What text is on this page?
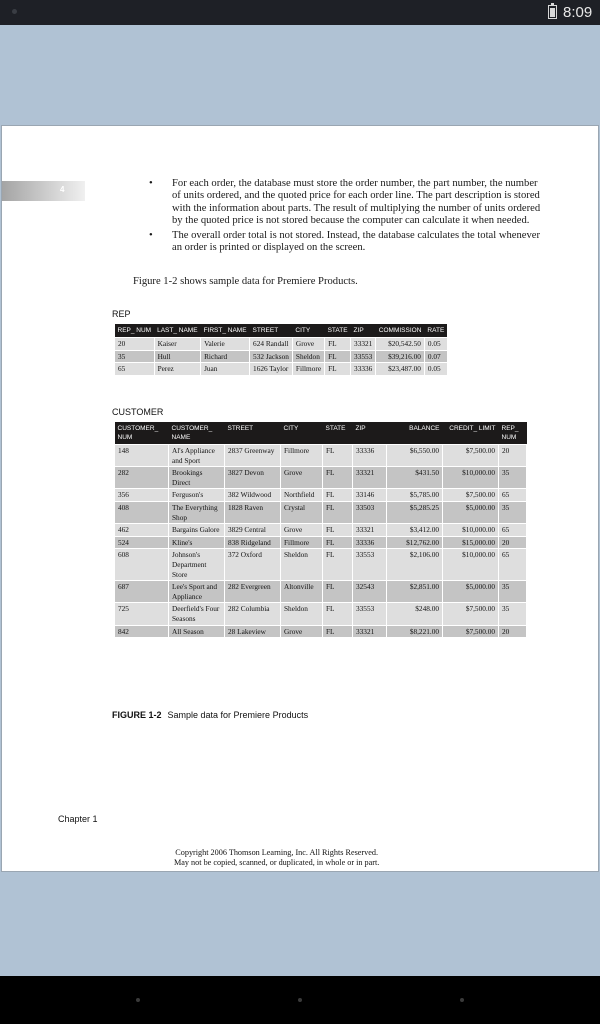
8:09
4
• For each order, the database must store the order number, the part number, the number of units ordered, and the quoted price for each order line. The part description is stored with the information about parts. The result of multiplying the number of units ordered by the quoted price is not stored because the computer can calculate it when needed.
• The overall order total is not stored. Instead, the database calculates the total whenever an order is printed or displayed on the screen.
Figure 1-2 shows sample data for Premiere Products.
REP
REP_ NUM	LAST_ NAME	FIRST_ NAME	STREET	CITY	STATE	ZIP	COMMISSION	RATE
20	Kaiser	Valerie	624 Randall	Grove	FL	33321	$20,542.50	0.05
35	Hull	Richard	532 Jackson	Sheldon	FL	33553	$39,216.00	0.07
65	Perez	Juan	1626 Taylor	Fillmore	FL	33336	$23,487.00	0.05
CUSTOMER
CUSTOMER_ NUM	CUSTOMER_ NAME	STREET	CITY	STATE	ZIP	BALANCE	CREDIT_ LIMIT	REP_ NUM
148	Al's Appliance and Sport	2837 Greenway	Fillmore	FL	33336	$6,550.00	$7,500.00	20
282	Brookings Direct	3827 Devon	Grove	FL	33321	$431.50	$10,000.00	35
356	Ferguson's	382 Wildwood	Northfield	FL	33146	$5,785.00	$7,500.00	65
408	The Everything Shop	1828 Raven	Crystal	FL	33503	$5,285.25	$5,000.00	35
462	Bargains Galore	3829 Central	Grove	FL	33321	$3,412.00	$10,000.00	65
524	Kline's	838 Ridgeland	Fillmore	FL	33336	$12,762.00	$15,000.00	20
608	Johnson's Department Store	372 Oxford	Sheldon	FL	33553	$2,106.00	$10,000.00	65
687	Lee's Sport and Appliance	282 Evergreen	Altonville	FL	32543	$2,851.00	$5,000.00	35
725	Deerfield's Four Seasons	282 Columbia	Sheldon	FL	33553	$248.00	$7,500.00	35
842	All Season	28 Lakeview	Grove	FL	33321	$8,221.00	$7,500.00	20
FIGURE 1-2 Sample data for Premiere Products
Chapter 1
Copyright 2006 Thomson Learning, Inc. All Rights Reserved.
May not be copied, scanned, or duplicated, in whole or in part.
